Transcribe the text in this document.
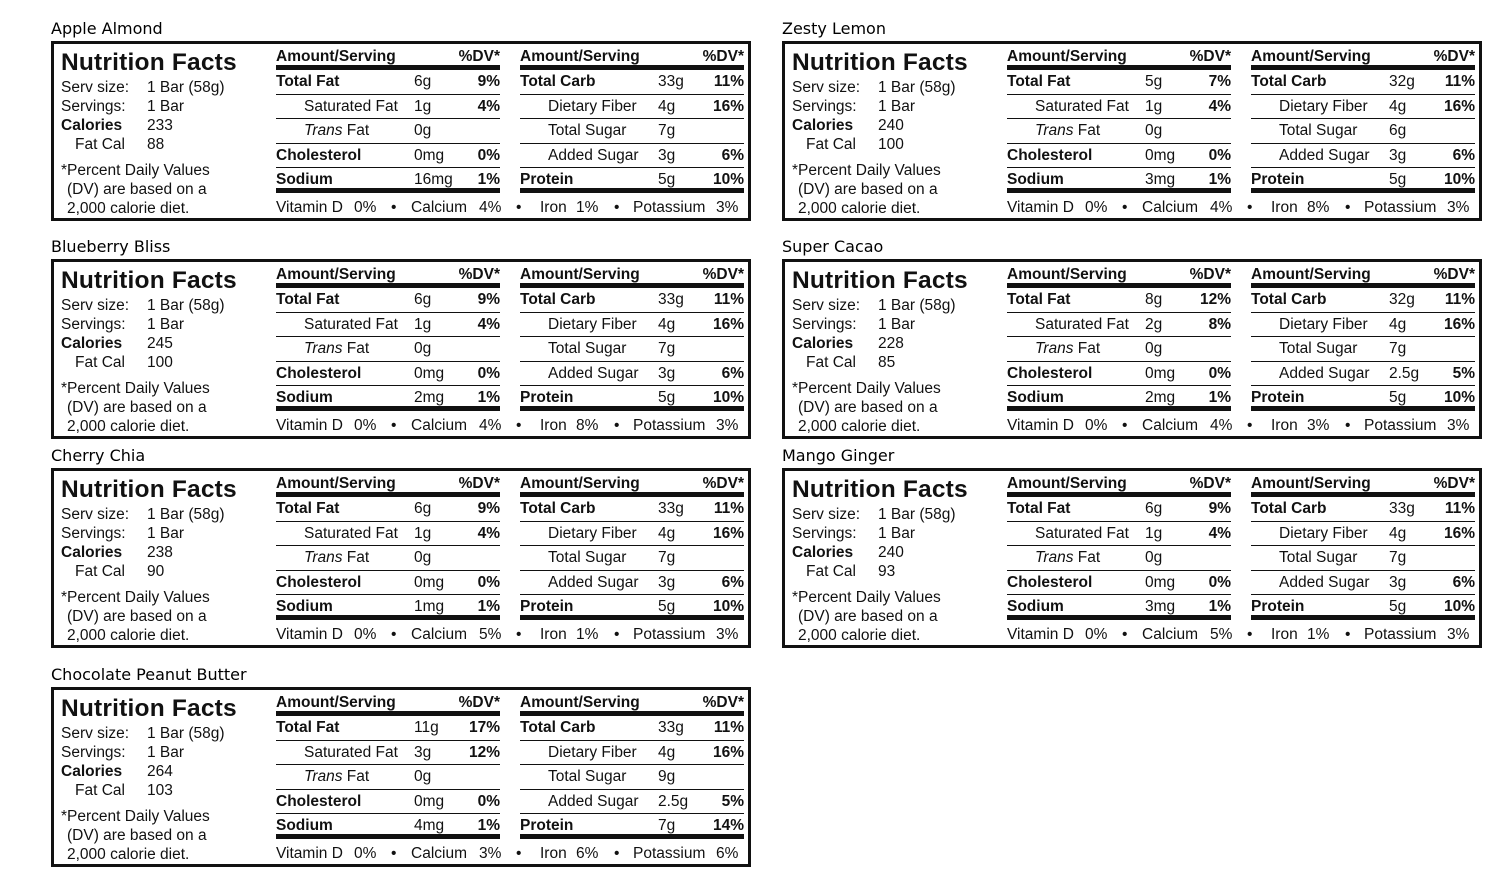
Apple Almond
Nutrition Facts
Serv size: 1 Bar (58g)
Servings: 1 Bar
Calories 233
Fat Cal 88
*Percent Daily Values
(DV) are based on a
2,000 calorie diet.
Amount/Serving	%DV*
Total Fat	6g	9%
Saturated Fat 1g	4%
Trans Fat	0g
Cholesterol	0mg 0%
Sodium	16mg 1%
Amount/Serving	%DV*
Total Carb	33g 11%
Dietary Fiber 4g 16%
Total Sugar 7g
Added Sugar 3g	6%
Protein	5g 10%
Vitamin D 0% • Calcium 4% • Iron 1% • Potassium 3%
Zesty Lemon
Nutrition Facts
Serv size: 1 Bar (58g)
Servings: 1 Bar
Calories 240
Fat Cal 100
*Percent Daily Values
(DV) are based on a
2,000 calorie diet.
Amount/Serving	%DV*
Total Fat	5g	7%
Saturated Fat 1g	4%
Trans Fat	0g
Cholesterol	0mg 0%
Sodium	3mg 1%
Amount/Serving	%DV*
Total Carb	32g 11%
Dietary Fiber 4g 16%
Total Sugar 6g
Added Sugar 3g	6%
Protein	5g 10%
Vitamin D 0% • Calcium 4% • Iron 8% • Potassium 3%
Blueberry Bliss
Nutrition Facts
Serv size: 1 Bar (58g)
Servings: 1 Bar
Calories 245
Fat Cal 100
*Percent Daily Values
(DV) are based on a
2,000 calorie diet.
Amount/Serving	%DV*
Total Fat	6g	9%
Saturated Fat 1g	4%
Trans Fat	0g
Cholesterol	0mg 0%
Sodium	2mg 1%
Amount/Serving	%DV*
Total Carb	33g 11%
Dietary Fiber 4g 16%
Total Sugar 7g
Added Sugar 3g	6%
Protein	5g 10%
Vitamin D 0% • Calcium 4% • Iron 8% • Potassium 3%
Super Cacao
Nutrition Facts
Serv size: 1 Bar (58g)
Servings: 1 Bar
Calories 228
Fat Cal 85
*Percent Daily Values
(DV) are based on a
2,000 calorie diet.
Amount/Serving	%DV*
Total Fat	8g 12%
Saturated Fat 2g	8%
Trans Fat	0g
Cholesterol	0mg 0%
Sodium	2mg 1%
Amount/Serving	%DV*
Total Carb	32g 11%
Dietary Fiber 4g 16%
Total Sugar 7g
Added Sugar 2.5g 5%
Protein	5g 10%
Vitamin D 0% • Calcium 4% • Iron 3% • Potassium 3%
Cherry Chia
Nutrition Facts
Serv size: 1 Bar (58g)
Servings: 1 Bar
Calories 238
Fat Cal 90
*Percent Daily Values
(DV) are based on a
2,000 calorie diet.
Amount/Serving	%DV*
Total Fat	6g	9%
Saturated Fat 1g	4%
Trans Fat	0g
Cholesterol	0mg 0%
Sodium	1mg 1%
Amount/Serving	%DV*
Total Carb	33g 11%
Dietary Fiber 4g 16%
Total Sugar 7g
Added Sugar 3g	6%
Protein	5g 10%
Vitamin D 0% • Calcium 5% • Iron 1% • Potassium 3%
Mango Ginger
Nutrition Facts
Serv size: 1 Bar (58g)
Servings: 1 Bar
Calories 240
Fat Cal 93
*Percent Daily Values
(DV) are based on a
2,000 calorie diet.
Amount/Serving	%DV*
Total Fat	6g	9%
Saturated Fat 1g	4%
Trans Fat	0g
Cholesterol	0mg 0%
Sodium	3mg 1%
Amount/Serving	%DV*
Total Carb	33g 11%
Dietary Fiber 4g 16%
Total Sugar 7g
Added Sugar 3g	6%
Protein	5g 10%
Vitamin D 0% • Calcium 5% • Iron 1% • Potassium 3%
Chocolate Peanut Butter
Nutrition Facts
Serv size: 1 Bar (58g)
Servings: 1 Bar
Calories 264
Fat Cal 103
*Percent Daily Values
(DV) are based on a
2,000 calorie diet.
Amount/Serving	%DV*
Total Fat	11g 17%
Saturated Fat 3g 12%
Trans Fat	0g
Cholesterol	0mg 0%
Sodium	4mg 1%
Amount/Serving	%DV*
Total Carb	33g 11%
Dietary Fiber 4g 16%
Total Sugar 9g
Added Sugar 2.5g 5%
Protein	7g 14%
Vitamin D 0% • Calcium 3% • Iron 6% • Potassium 6%
